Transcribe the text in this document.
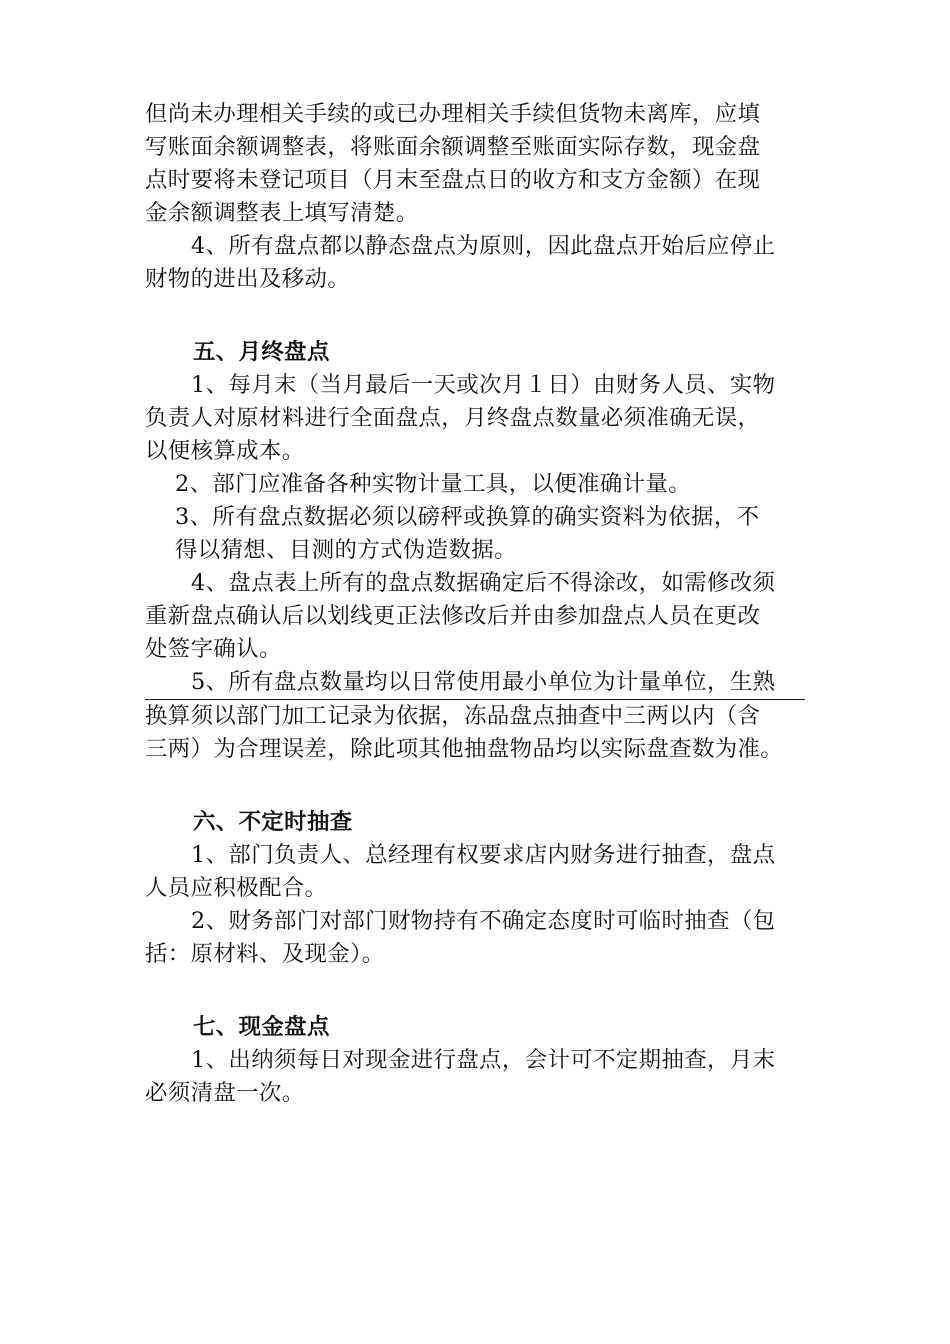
但尚未办理相关手续的或已办理相关手续但货物未离库，应填
写账面余额调整表，将账面余额调整至账面实际存数，现金盘
点时要将未登记项目（月末至盘点日的收方和支方金额）在现
金余额调整表上填写清楚。
4、所有盘点都以静态盘点为原则，因此盘点开始后应停止
财物的进出及移动。
五、月终盘点
1、每月末（当月最后一天或次月１日）由财务人员、实物
负责人对原材料进行全面盘点，月终盘点数量必须准确无误，
以便核算成本。
2、部门应准备各种实物计量工具，以便准确计量。
3、所有盘点数据必须以磅秤或换算的确实资料为依据，不
得以猜想、目测的方式伪造数据。
4、盘点表上所有的盘点数据确定后不得涂改，如需修改须
重新盘点确认后以划线更正法修改后并由参加盘点人员在更改
处签字确认。
5、所有盘点数量均以日常使用最小单位为计量单位，生熟
换算须以部门加工记录为依据，冻品盘点抽查中三两以内（含
三两）为合理误差，除此项其他抽盘物品均以实际盘查数为准。
六、不定时抽查
1、部门负责人、总经理有权要求店内财务进行抽查，盘点
人员应积极配合。
2、财务部门对部门财物持有不确定态度时可临时抽查（包
括：原材料、及现金）。
七、现金盘点
1、出纳须每日对现金进行盘点，会计可不定期抽查，月末
必须清盘一次。
